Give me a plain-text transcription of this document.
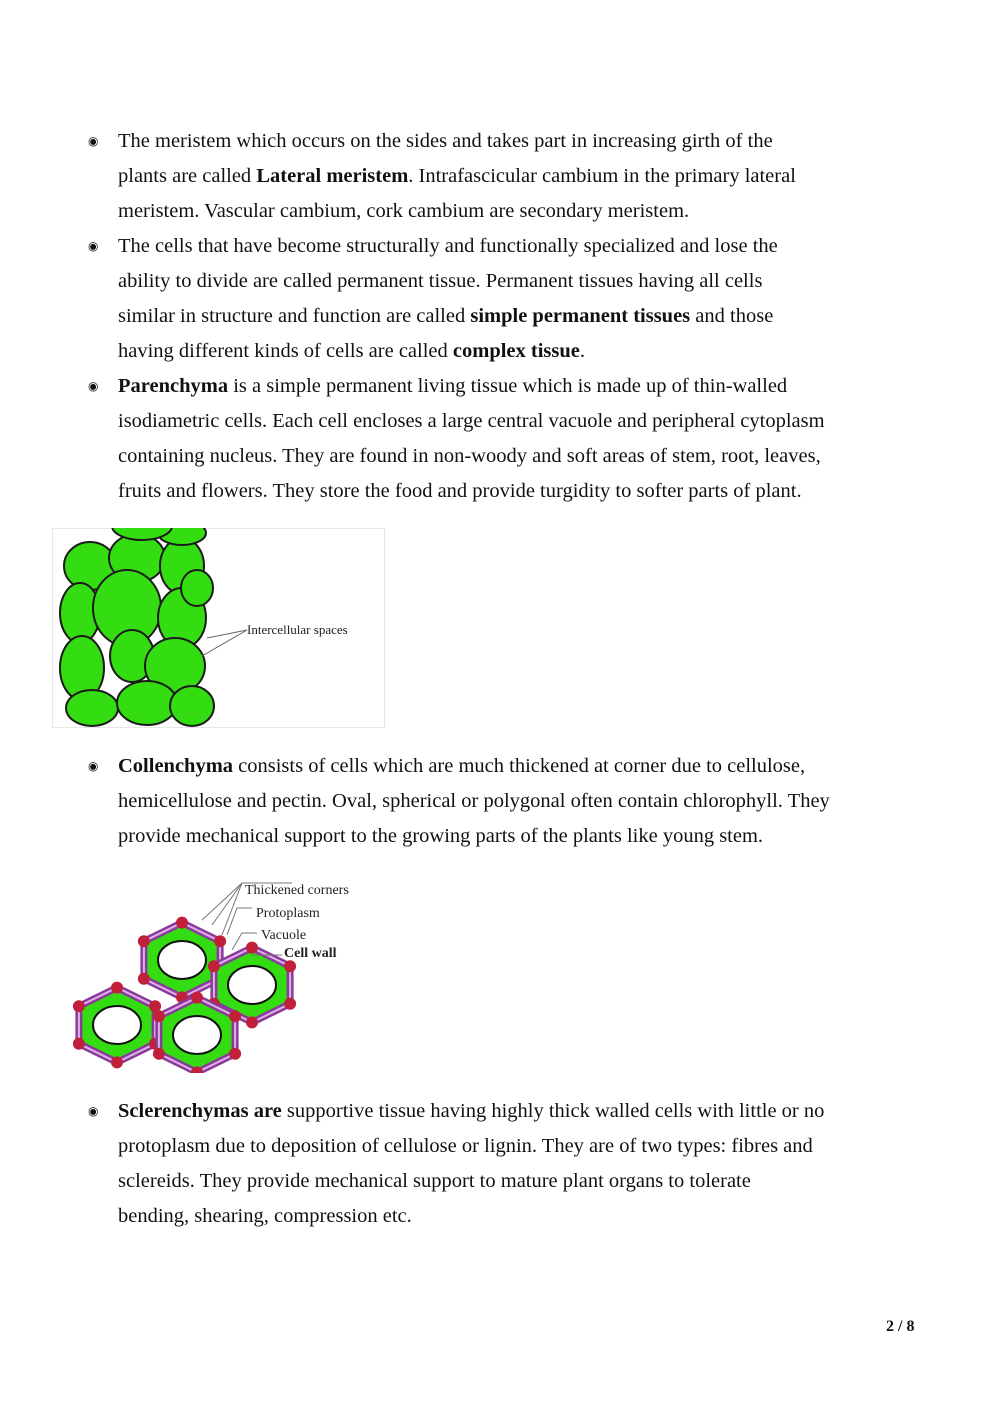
◉ The meristem which occurs on the sides and takes part in increasing girth of the
plants are called Lateral meristem. Intrafascicular cambium in the primary lateral
meristem. Vascular cambium, cork cambium are secondary meristem.
◉ The cells that have become structurally and functionally specialized and lose the
ability to divide are called permanent tissue. Permanent tissues having all cells
similar in structure and function are called simple permanent tissues and those
having different kinds of cells are called complex tissue.
◉ Parenchyma is a simple permanent living tissue which is made up of thin-walled
isodiametric cells. Each cell encloses a large central vacuole and peripheral cytoplasm
containing nucleus. They are found in non-woody and soft areas of stem, root, leaves,
fruits and flowers. They store the food and provide turgidity to softer parts of plant.
◉ Collenchyma consists of cells which are much thickened at corner due to cellulose,
hemicellulose and pectin. Oval, spherical or polygonal often contain chlorophyll. They
provide mechanical support to the growing parts of the plants like young stem.
◉ Sclerenchymas are supportive tissue having highly thick walled cells with little or no
protoplasm due to deposition of cellulose or lignin. They are of two types: fibres and
sclereids. They provide mechanical support to mature plant organs to tolerate
bending, shearing, compression etc.
Intercellular spaces
Thickened corners
Protoplasm
Vacuole
Cell wall
2 / 8
